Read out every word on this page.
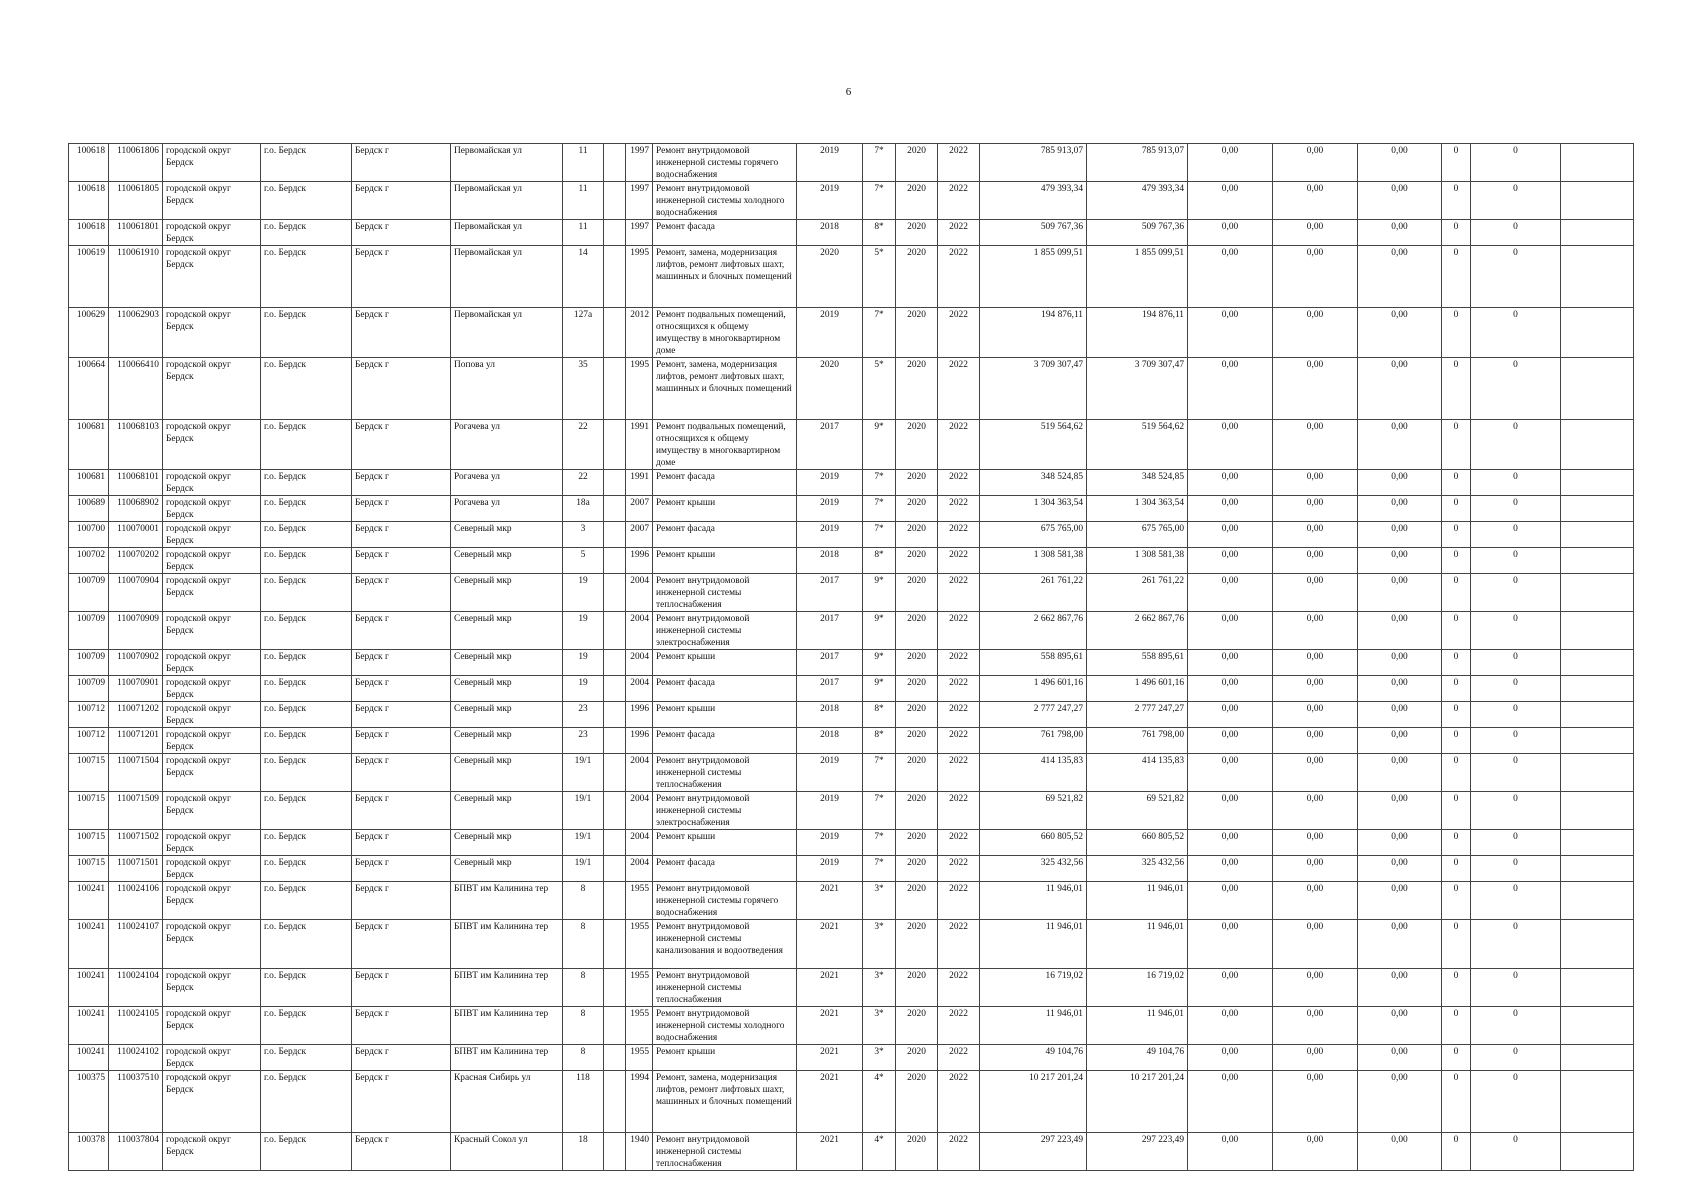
6
100618	110061806	городской округ Бердск	г.о. Бердск	Бердск г	Первомайская ул	11		1997	Ремонт внутридомовой инженерной системы горячего водоснабжения	2019	7*	2020	2022	785 913,07	785 913,07	0,00	0,00	0,00	0	0	
100618	110061805	городской округ Бердск	г.о. Бердск	Бердск г	Первомайская ул	11		1997	Ремонт внутридомовой инженерной системы холодного водоснабжения	2019	7*	2020	2022	479 393,34	479 393,34	0,00	0,00	0,00	0	0	
100618	110061801	городской округ Бердск	г.о. Бердск	Бердск г	Первомайская ул	11		1997	Ремонт фасада	2018	8*	2020	2022	509 767,36	509 767,36	0,00	0,00	0,00	0	0	
100619	110061910	городской округ Бердск	г.о. Бердск	Бердск г	Первомайская ул	14		1995	Ремонт, замена, модернизация лифтов, ремонт лифтовых шахт, машинных и блочных помещений	2020	5*	2020	2022	1 855 099,51	1 855 099,51	0,00	0,00	0,00	0	0	
100629	110062903	городской округ Бердск	г.о. Бердск	Бердск г	Первомайская ул	127а		2012	Ремонт подвальных помещений, относящихся к общему имуществу в многоквартирном доме	2019	7*	2020	2022	194 876,11	194 876,11	0,00	0,00	0,00	0	0	
100664	110066410	городской округ Бердск	г.о. Бердск	Бердск г	Попова ул	35		1995	Ремонт, замена, модернизация лифтов, ремонт лифтовых шахт, машинных и блочных помещений	2020	5*	2020	2022	3 709 307,47	3 709 307,47	0,00	0,00	0,00	0	0	
100681	110068103	городской округ Бердск	г.о. Бердск	Бердск г	Рогачева ул	22		1991	Ремонт подвальных помещений, относящихся к общему имуществу в многоквартирном доме	2017	9*	2020	2022	519 564,62	519 564,62	0,00	0,00	0,00	0	0	
100681	110068101	городской округ Бердск	г.о. Бердск	Бердск г	Рогачева ул	22		1991	Ремонт фасада	2019	7*	2020	2022	348 524,85	348 524,85	0,00	0,00	0,00	0	0	
100689	110068902	городской округ Бердск	г.о. Бердск	Бердск г	Рогачева ул	18а		2007	Ремонт крыши	2019	7*	2020	2022	1 304 363,54	1 304 363,54	0,00	0,00	0,00	0	0	
100700	110070001	городской округ Бердск	г.о. Бердск	Бердск г	Северный мкр	3		2007	Ремонт фасада	2019	7*	2020	2022	675 765,00	675 765,00	0,00	0,00	0,00	0	0	
100702	110070202	городской округ Бердск	г.о. Бердск	Бердск г	Северный мкр	5		1996	Ремонт крыши	2018	8*	2020	2022	1 308 581,38	1 308 581,38	0,00	0,00	0,00	0	0	
100709	110070904	городской округ Бердск	г.о. Бердск	Бердск г	Северный мкр	19		2004	Ремонт внутридомовой инженерной системы теплоснабжения	2017	9*	2020	2022	261 761,22	261 761,22	0,00	0,00	0,00	0	0	
100709	110070909	городской округ Бердск	г.о. Бердск	Бердск г	Северный мкр	19		2004	Ремонт внутридомовой инженерной системы электроснабжения	2017	9*	2020	2022	2 662 867,76	2 662 867,76	0,00	0,00	0,00	0	0	
100709	110070902	городской округ Бердск	г.о. Бердск	Бердск г	Северный мкр	19		2004	Ремонт крыши	2017	9*	2020	2022	558 895,61	558 895,61	0,00	0,00	0,00	0	0	
100709	110070901	городской округ Бердск	г.о. Бердск	Бердск г	Северный мкр	19		2004	Ремонт фасада	2017	9*	2020	2022	1 496 601,16	1 496 601,16	0,00	0,00	0,00	0	0	
100712	110071202	городской округ Бердск	г.о. Бердск	Бердск г	Северный мкр	23		1996	Ремонт крыши	2018	8*	2020	2022	2 777 247,27	2 777 247,27	0,00	0,00	0,00	0	0	
100712	110071201	городской округ Бердск	г.о. Бердск	Бердск г	Северный мкр	23		1996	Ремонт фасада	2018	8*	2020	2022	761 798,00	761 798,00	0,00	0,00	0,00	0	0	
100715	110071504	городской округ Бердск	г.о. Бердск	Бердск г	Северный мкр	19/1		2004	Ремонт внутридомовой инженерной системы теплоснабжения	2019	7*	2020	2022	414 135,83	414 135,83	0,00	0,00	0,00	0	0	
100715	110071509	городской округ Бердск	г.о. Бердск	Бердск г	Северный мкр	19/1		2004	Ремонт внутридомовой инженерной системы электроснабжения	2019	7*	2020	2022	69 521,82	69 521,82	0,00	0,00	0,00	0	0	
100715	110071502	городской округ Бердск	г.о. Бердск	Бердск г	Северный мкр	19/1		2004	Ремонт крыши	2019	7*	2020	2022	660 805,52	660 805,52	0,00	0,00	0,00	0	0	
100715	110071501	городской округ Бердск	г.о. Бердск	Бердск г	Северный мкр	19/1		2004	Ремонт фасада	2019	7*	2020	2022	325 432,56	325 432,56	0,00	0,00	0,00	0	0	
100241	110024106	городской округ Бердск	г.о. Бердск	Бердск г	БПВТ им Калинина тер	8		1955	Ремонт внутридомовой инженерной системы горячего водоснабжения	2021	3*	2020	2022	11 946,01	11 946,01	0,00	0,00	0,00	0	0	
100241	110024107	городской округ Бердск	г.о. Бердск	Бердск г	БПВТ им Калинина тер	8		1955	Ремонт внутридомовой инженерной системы канализования и водоотведения	2021	3*	2020	2022	11 946,01	11 946,01	0,00	0,00	0,00	0	0	
100241	110024104	городской округ Бердск	г.о. Бердск	Бердск г	БПВТ им Калинина тер	8		1955	Ремонт внутридомовой инженерной системы теплоснабжения	2021	3*	2020	2022	16 719,02	16 719,02	0,00	0,00	0,00	0	0	
100241	110024105	городской округ Бердск	г.о. Бердск	Бердск г	БПВТ им Калинина тер	8		1955	Ремонт внутридомовой инженерной системы холодного водоснабжения	2021	3*	2020	2022	11 946,01	11 946,01	0,00	0,00	0,00	0	0	
100241	110024102	городской округ Бердск	г.о. Бердск	Бердск г	БПВТ им Калинина тер	8		1955	Ремонт крыши	2021	3*	2020	2022	49 104,76	49 104,76	0,00	0,00	0,00	0	0	
100375	110037510	городской округ Бердск	г.о. Бердск	Бердск г	Красная Сибирь ул	118		1994	Ремонт, замена, модернизация лифтов, ремонт лифтовых шахт, машинных и блочных помещений	2021	4*	2020	2022	10 217 201,24	10 217 201,24	0,00	0,00	0,00	0	0	
100378	110037804	городской округ Бердск	г.о. Бердск	Бердск г	Красный Сокол ул	18		1940	Ремонт внутридомовой инженерной системы теплоснабжения	2021	4*	2020	2022	297 223,49	297 223,49	0,00	0,00	0,00	0	0	
